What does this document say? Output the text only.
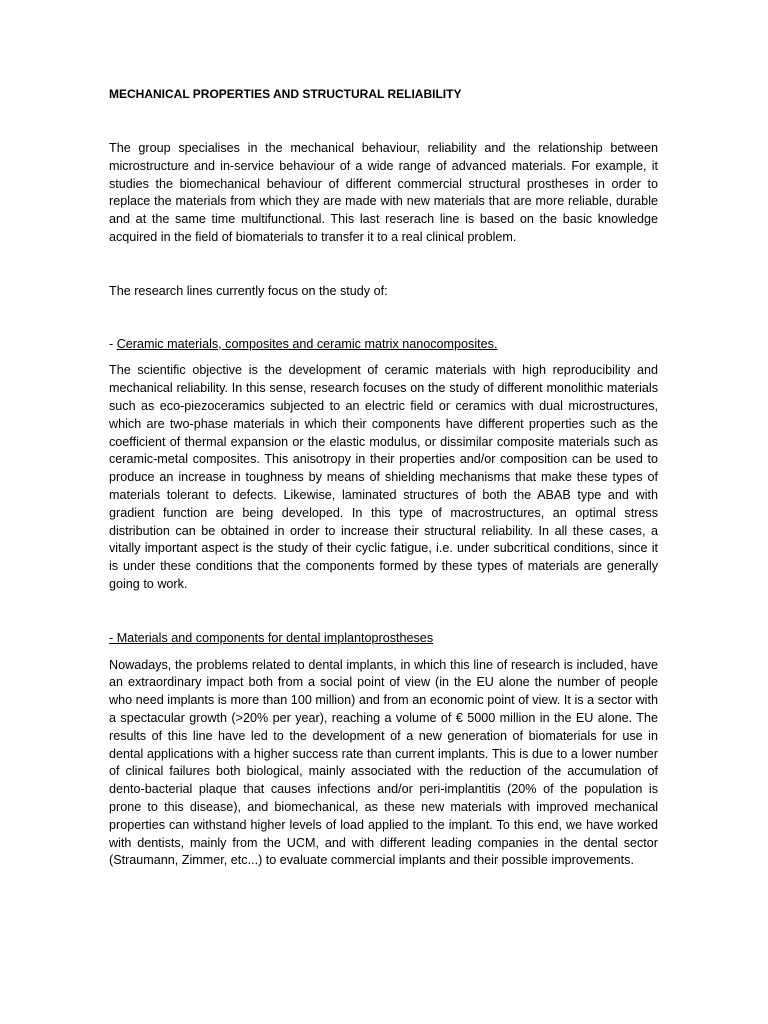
MECHANICAL PROPERTIES AND STRUCTURAL RELIABILITY

The group specialises in the mechanical behaviour, reliability and the relationship between microstructure and in-service behaviour of a wide range of advanced materials. For example, it studies the biomechanical behaviour of different commercial structural prostheses in order to replace the materials from which they are made with new materials that are more reliable, durable and at the same time multifunctional. This last reserach line is based on the basic knowledge acquired in the field of biomaterials to transfer it to a real clinical problem.

The research lines currently focus on the study of:

- Ceramic materials, composites and ceramic matrix nanocomposites.

The scientific objective is the development of ceramic materials with high reproducibility and mechanical reliability. In this sense, research focuses on the study of different monolithic materials such as eco-piezoceramics subjected to an electric field or ceramics with dual microstructures, which are two-phase materials in which their components have different properties such as the coefficient of thermal expansion or the elastic modulus, or dissimilar composite materials such as ceramic-metal composites. This anisotropy in their properties and/or composition can be used to produce an increase in toughness by means of shielding mechanisms that make these types of materials tolerant to defects. Likewise, laminated structures of both the ABAB type and with gradient function are being developed. In this type of macrostructures, an optimal stress distribution can be obtained in order to increase their structural reliability. In all these cases, a vitally important aspect is the study of their cyclic fatigue, i.e. under subcritical conditions, since it is under these conditions that the components formed by these types of materials are generally going to work.

- Materials and components for dental implantoprostheses

Nowadays, the problems related to dental implants, in which this line of research is included, have an extraordinary impact both from a social point of view (in the EU alone the number of people who need implants is more than 100 million) and from an economic point of view. It is a sector with a spectacular growth (>20% per year), reaching a volume of € 5000 million in the EU alone. The results of this line have led to the development of a new generation of biomaterials for use in dental applications with a higher success rate than current implants. This is due to a lower number of clinical failures both biological, mainly associated with the reduction of the accumulation of dento-bacterial plaque that causes infections and/or peri-implantitis (20% of the population is prone to this disease), and biomechanical, as these new materials with improved mechanical properties can withstand higher levels of load applied to the implant. To this end, we have worked with dentists, mainly from the UCM, and with different leading companies in the dental sector (Straumann, Zimmer, etc...) to evaluate commercial implants and their possible improvements.
